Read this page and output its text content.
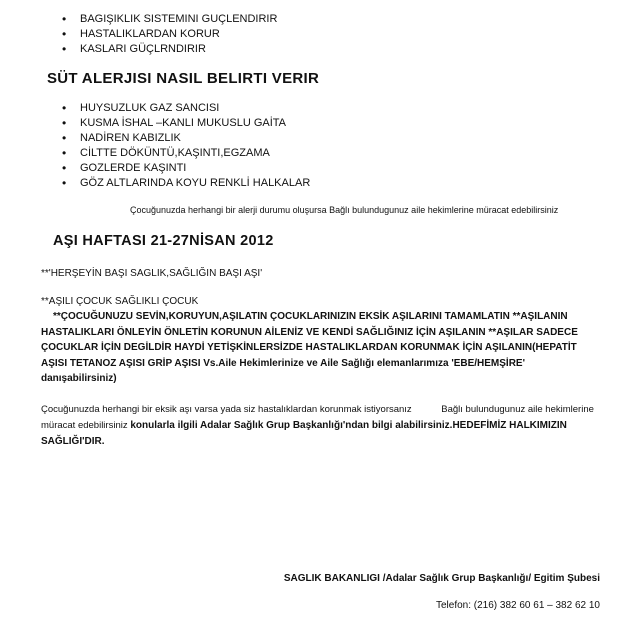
• BAGIŞIKLIK SISTEMINI GUÇLENDIRIR
• HASTALIKLARDAN KORUR
• KASLARI GÜÇLRNDIRIR
SÜT ALERJISI NASIL BELIRTI VERIR
• HUYSUZLUK GAZ SANCISI
• KUSMA İSHAL –KANLI MUKUSLU GAİTA
• NADİREN KABIZLIK
• CİLTTE DÖKÜNTÜ,KAŞINTI,EGZAMA
• GOZLERDE KAŞINTI
• GÖZ ALTLARINDA KOYU RENKLİ HALKALAR
Çocuğunuzda herhangi bir alerji durumu oluşursa Bağlı bulundugunuz aile hekimlerine müracat edebilirsiniz
AŞI HAFTASI 21-27NİSAN 2012
**'HERŞEYİN BAŞI SAGLIK,SAĞLIĞIN BAŞI AŞI'
**AŞILI ÇOCUK SAĞLIKLI ÇOCUK
**ÇOCUĞUNUZU SEVİN,KORUYUN,AŞILATIN ÇOCUKLARINIZIN EKSİK AŞILARINI TAMAMLATIN **AŞILANIN HASTALIKLARI ÖNLEYİN ÖNLETİN KORUNUN AİLENİZ VE KENDİ SAĞLIĞINIZ İÇİN AŞILANIN **AŞILAR SADECE ÇOCUKLAR İÇİN DEGİLDİR HAYDİ YETİŞKİNLERSİZDE HASTALIKLARDAN KORUNMAK İÇİN AŞILANIN(HEPATİT AŞISI TETANOZ AŞISI GRİP AŞISI Vs.Aile Hekimlerinize ve Aile Sağlığı elemanlarımıza 'EBE/HEMŞİRE' danışabilirsiniz)
Çocuğunuzda herhangi bir eksik aşı varsa yada siz hastalıklardan korunmak istiyorsanız	Bağlı bulundugunuz aile hekimlerine müracat edebilirsiniz konularla ilgili Adalar Sağlık Grup Başkanlığı'ndan bilgi alabilirsiniz.HEDEFİMİZ HALKIMIZIN SAĞLIĞI'DIR.
SAGLIK BAKANLIGI /Adalar Sağlık Grup Başkanlığı/ Egitim Şubesi
Telefon: (216) 382 60 61 – 382 62 10
